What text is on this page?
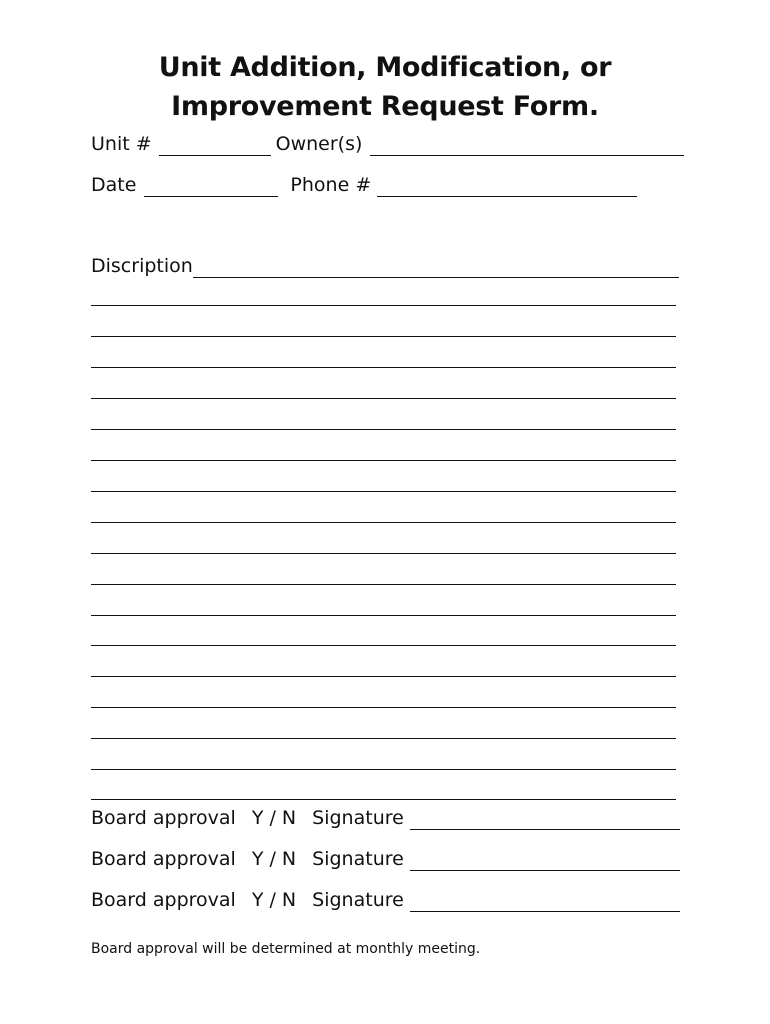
Unit Addition, Modification, or
Improvement Request Form.
Unit #	Owner(s)
Date	Phone #
Discription
Board approval Y / N Signature
Board approval Y / N Signature
Board approval Y / N Signature
Board approval will be determined at monthly meeting.
